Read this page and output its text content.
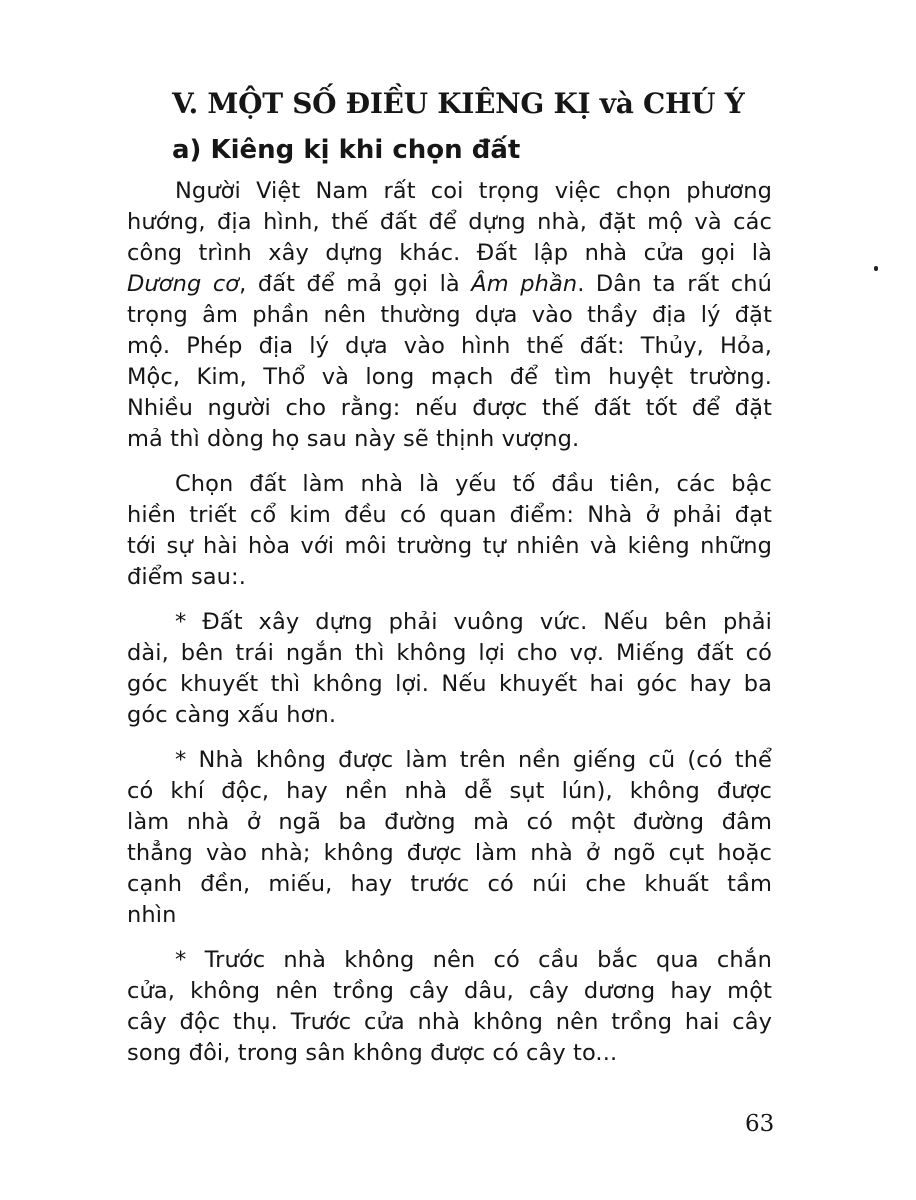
V. MỘT SỐ ĐIỀU KIÊNG KỊ và CHÚ Ý
a) Kiêng kị khi chọn đất
Người Việt Nam rất coi trọng việc chọn phương
hướng, địa hình, thế đất để dựng nhà, đặt mộ và các
công trình xây dựng khác. Đất lập nhà cửa gọi là
Dương cơ, đất để mả gọi là Âm phần. Dân ta rất chú
trọng âm phần nên thường dựa vào thầy địa lý đặt
mộ. Phép địa lý dựa vào hình thế đất: Thủy, Hỏa,
Mộc, Kim, Thổ và long mạch để tìm huyệt trường.
Nhiều người cho rằng: nếu được thế đất tốt để đặt
mả thì dòng họ sau này sẽ thịnh vượng.
Chọn đất làm nhà là yếu tố đầu tiên, các bậc
hiền triết cổ kim đều có quan điểm: Nhà ở phải đạt
tới sự hài hòa với môi trường tự nhiên và kiêng những
điểm sau:.
* Đất xây dựng phải vuông vức. Nếu bên phải
dài, bên trái ngắn thì không lợi cho vợ. Miếng đất có
góc khuyết thì không lợi. Nếu khuyết hai góc hay ba
góc càng xấu hơn.
* Nhà không được làm trên nền giếng cũ (có thể
có khí độc, hay nền nhà dễ sụt lún), không được
làm nhà ở ngã ba đường mà có một đường đâm
thẳng vào nhà; không được làm nhà ở ngõ cụt hoặc
cạnh đền, miếu, hay trước có núi che khuất tầm
nhìn
* Trước nhà không nên có cầu bắc qua chắn
cửa, không nên trồng cây dâu, cây dương hay một
cây độc thụ. Trước cửa nhà không nên trồng hai cây
song đôi, trong sân không được có cây to...
63
